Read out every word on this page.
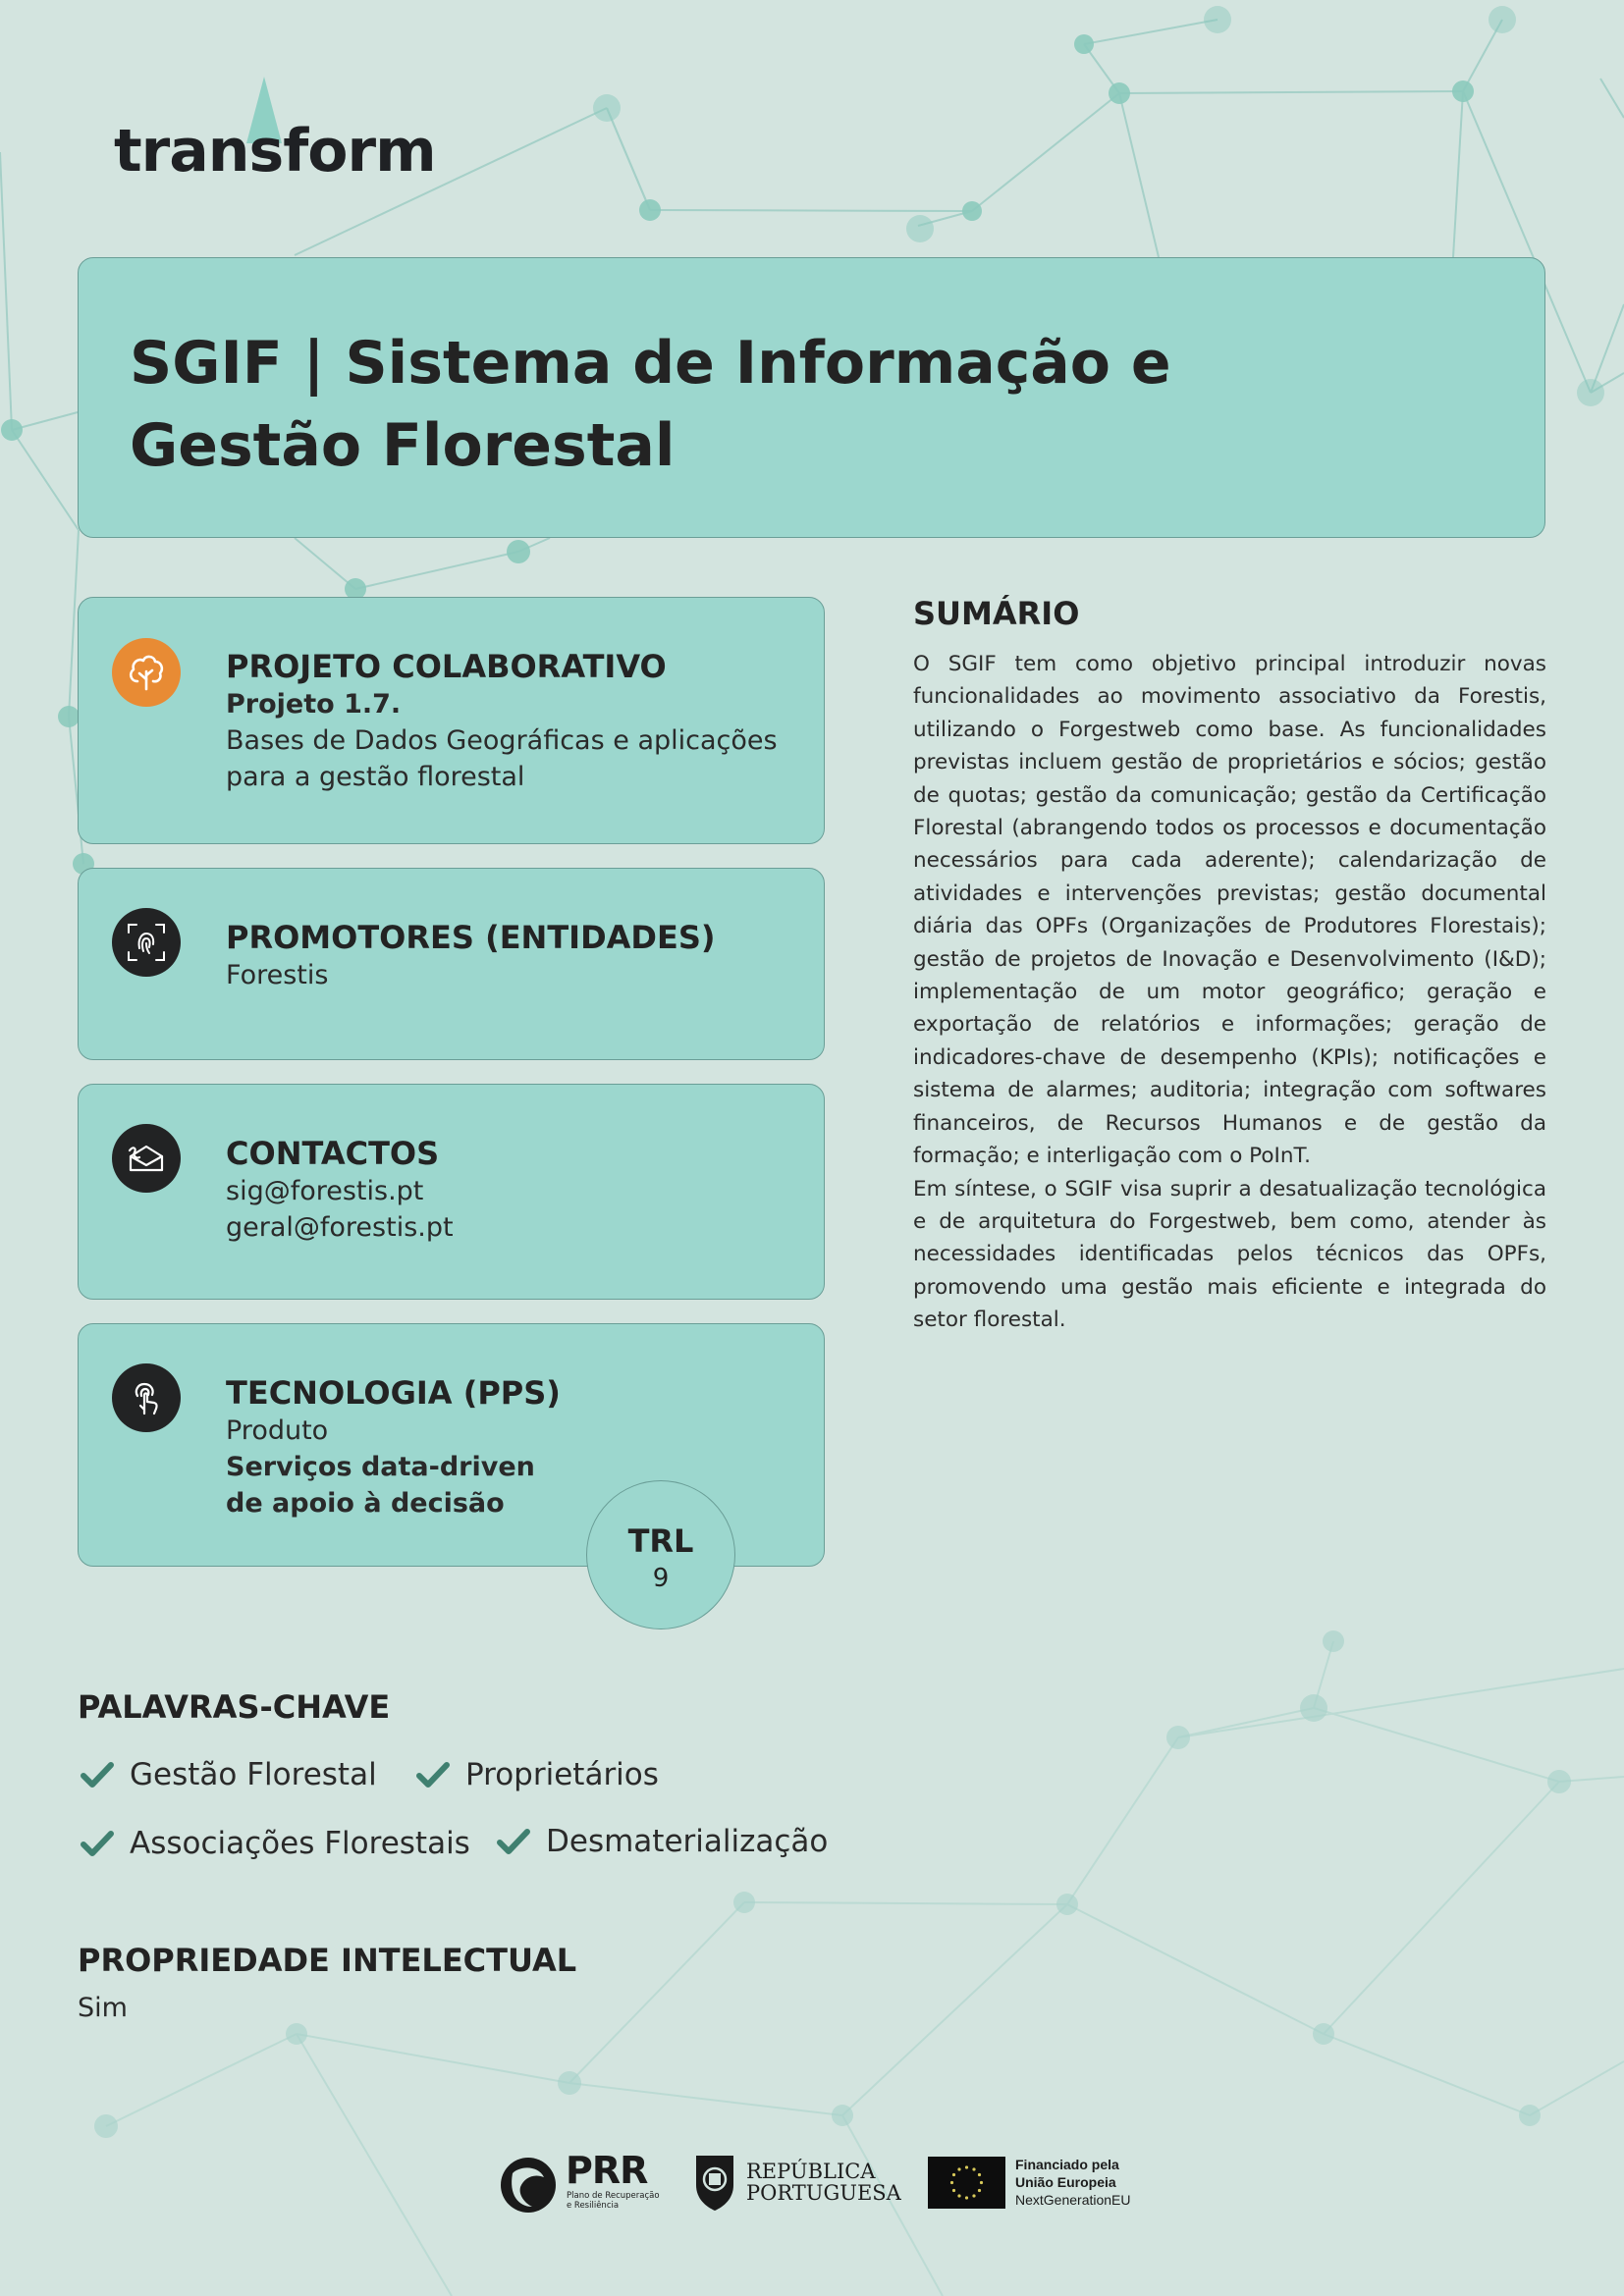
transform
SGIF | Sistema de Informação e Gestão Florestal
PROJETO COLABORATIVO
Projeto 1.7.
Bases de Dados Geográficas e aplicações
para a gestão florestal
PROMOTORES (ENTIDADES)
Forestis
CONTACTOS
sig@forestis.pt
geral@forestis.pt
TECNOLOGIA (PPS)
Produto
Serviços data-driven
de apoio à decisão
TRL
9
SUMÁRIO

O SGIF tem como objetivo principal introduzir novas funcionalidades ao movimento associativo da Forestis, utilizando o Forgestweb como base. As funcionalidades previstas incluem gestão de proprietários e sócios; gestão de quotas; gestão da comunicação; gestão da Certificação Florestal (abrangendo todos os processos e documentação necessários para cada aderente); calendarização de atividades e intervenções previstas; gestão documental diária das OPFs (Organizações de Produtores Florestais); gestão de projetos de Inovação e Desenvolvimento (I&D); implementação de um motor geográfico; geração e exportação de relatórios e informações; geração de indicadores-chave de desempenho (KPIs); notificações e sistema de alarmes; auditoria; integração com softwares financeiros, de Recursos Humanos e de gestão da formação; e interligação com o PoInT.

Em síntese, o SGIF visa suprir a desatualização tecnológica e de arquitetura do Forgestweb, bem como, atender às necessidades identificadas pelos técnicos das OPFs, promovendo uma gestão mais eficiente e integrada do setor florestal.

PALAVRAS-CHAVE
Gestão Florestal	Proprietários
Associações Florestais Desmaterialização
PROPRIEDADE INTELECTUAL
Sim
PRR
Plano de Recuperação
e Resiliência
REPÚBLICA
PORTUGUESA
Financiado pela
União Europeia
NextGenerationEU
